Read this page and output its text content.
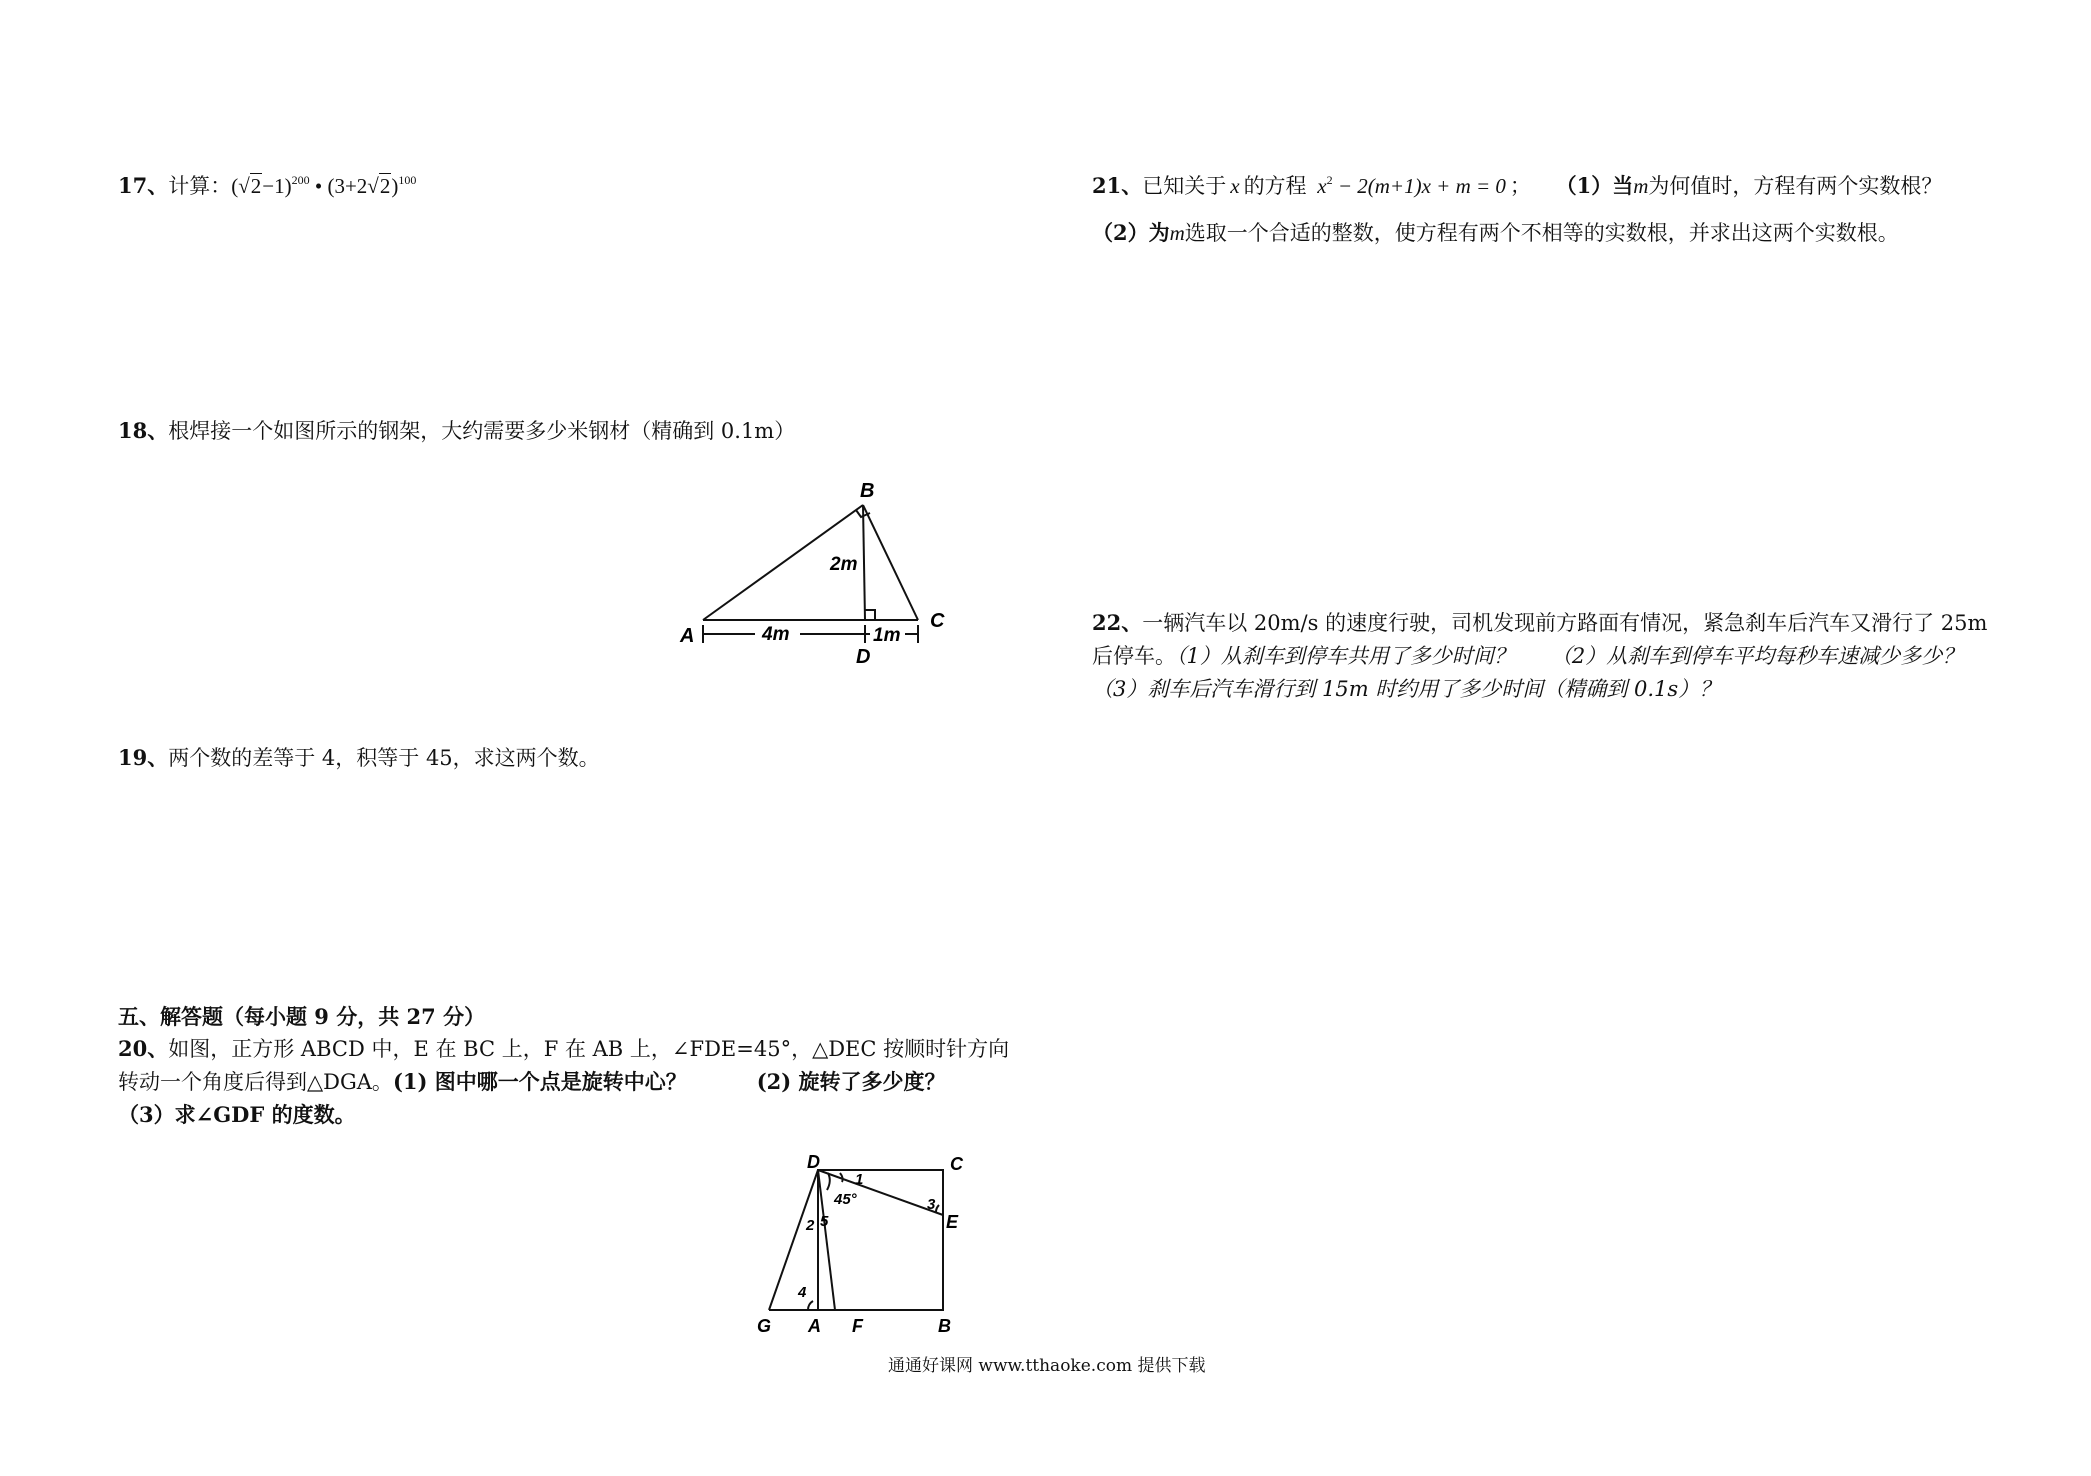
17、计算：$(√2-1)^{200}$ • $(3+2√2)^{100}$
18、根焊接一个如图所示的钢架，大约需要多少米钢材（精确到 0.1m）
B
A
C
D
2m
4m	1m
19、两个数的差等于 4，积等于 45，求这两个数。
五、解答题（每小题 9 分，共 27 分）
20、如图，正方形 ABCD 中，E 在 BC 上，F 在 AB 上，∠FDE=45°，△DEC 按顺时针方向
转动一个角度后得到△DGA。(1) 图中哪一个点是旋转中心？	(2) 旋转了多少度？
（3）求∠GDF 的度数。
D	C
E
G A F	B
1
2
3
4
5
45°
21、已知关于 x 的方程 $x^2 - 2(m+1)x + m = 0$ ； （1）当m为何值时，方程有两个实数根？
（2）为m选取一个合适的整数，使方程有两个不相等的实数根，并求出这两个实数根。
22、一辆汽车以 20m/s 的速度行驶，司机发现前方路面有情况，紧急刹车后汽车又滑行了 25m
后停车。（1）从刹车到停车共用了多少时间？ （2）从刹车到停车平均每秒车速减少多少？
（3）刹车后汽车滑行到 15m 时约用了多少时间（精确到 0.1s）？
通通好课网 www.tthaoke.com 提供下载
